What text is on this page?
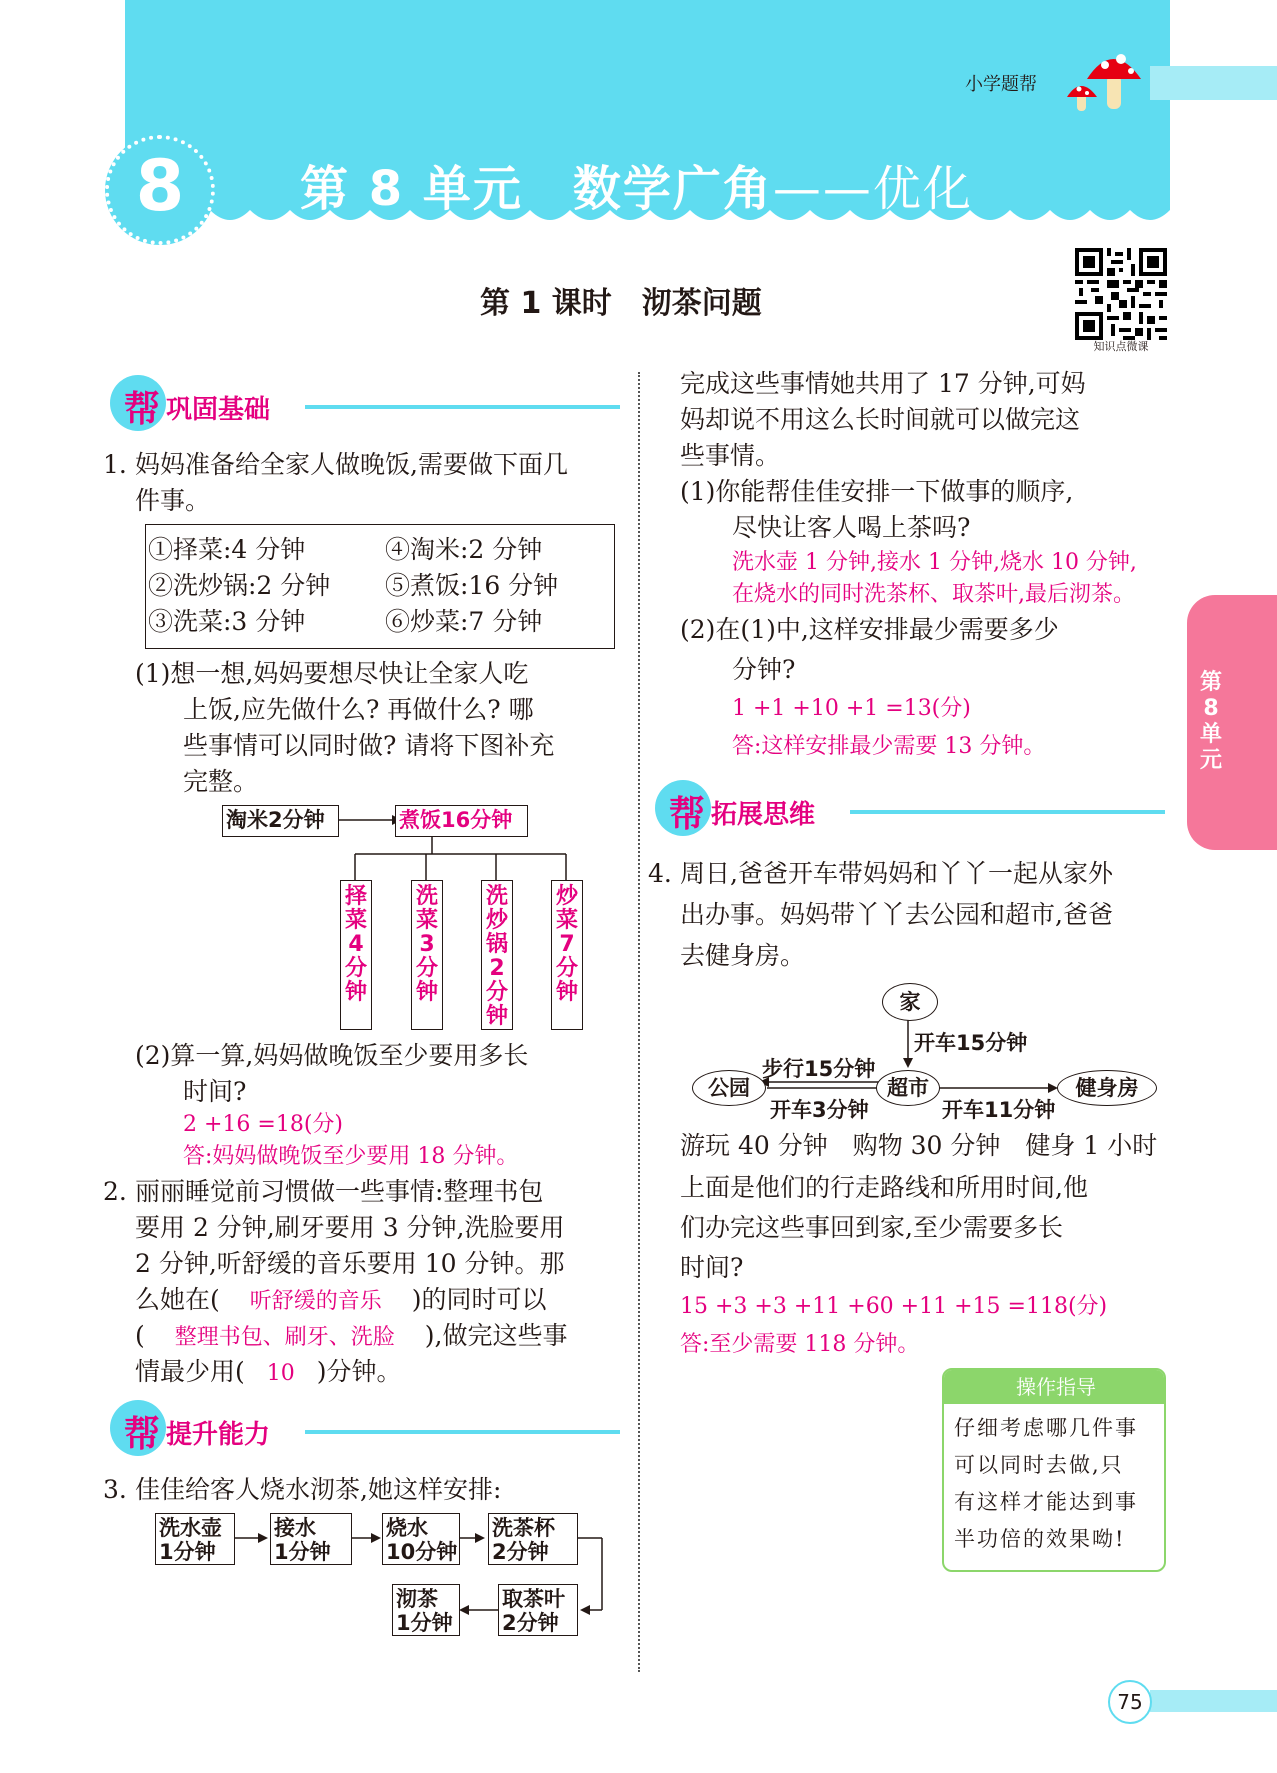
小学题帮
8	第 8 单元　数学广角——优化
第 1 课时　沏茶问题
知识点微课
帮 巩固基础
1. 妈妈准备给全家人做晚饭,需要做下面几
件事。
①择菜:4 分钟	④淘米:2 分钟
②洗炒锅:2 分钟 ⑤煮饭:16 分钟
③洗菜:3 分钟	⑥炒菜:7 分钟
(1)想一想,妈妈要想尽快让全家人吃
上饭,应先做什么? 再做什么? 哪
些事情可以同时做? 请将下图补充
完整。
淘米2分钟	煮饭16分钟
择菜4分钟
洗菜3分钟
洗炒锅2分钟
炒菜7分钟
(2)算一算,妈妈做晚饭至少要用多长
时间?
2 +16 =18(分)
答:妈妈做晚饭至少要用 18 分钟。
2. 丽丽睡觉前习惯做一些事情:整理书包
要用 2 分钟,刷牙要用 3 分钟,洗脸要用
2 分钟,听舒缓的音乐要用 10 分钟。那
么她在( 听舒缓的音乐 )的同时可以
( 整理书包、刷牙、洗脸 ),做完这些事
情最少用( 10 )分钟。
帮 提升能力
3. 佳佳给客人烧水沏茶,她这样安排:
洗水壶
1分钟
接水
1分钟
烧水
10分钟
洗茶杯
2分钟
取茶叶
2分钟
沏茶
1分钟
完成这些事情她共用了 17 分钟,可妈
妈却说不用这么长时间就可以做完这
些事情。
(1)你能帮佳佳安排一下做事的顺序,
尽快让客人喝上茶吗?
洗水壶 1 分钟,接水 1 分钟,烧水 10 分钟,
在烧水的同时洗茶杯、取茶叶,最后沏茶。
(2)在(1)中,这样安排最少需要多少
分钟?
1 +1 +10 +1 =13(分)
答:这样安排最少需要 13 分钟。
帮 拓展思维
4. 周日,爸爸开车带妈妈和丫丫一起从家外
出办事。妈妈带丫丫去公园和超市,爸爸
去健身房。
家
公园	超市	健身房
开车15分钟
步行15分钟
开车3分钟	开车11分钟
游玩 40 分钟　购物 30 分钟　健身 1 小时
上面是他们的行走路线和所用时间,他
们办完这些事回到家,至少需要多长
时间?
15 +3 +3 +11 +60 +11 +15 =118(分)
答:至少需要 118 分钟。
操作指导
仔细考虑哪几件事
可以同时去做,只
有这样才能达到事
半功倍的效果呦!
第8单元
75
